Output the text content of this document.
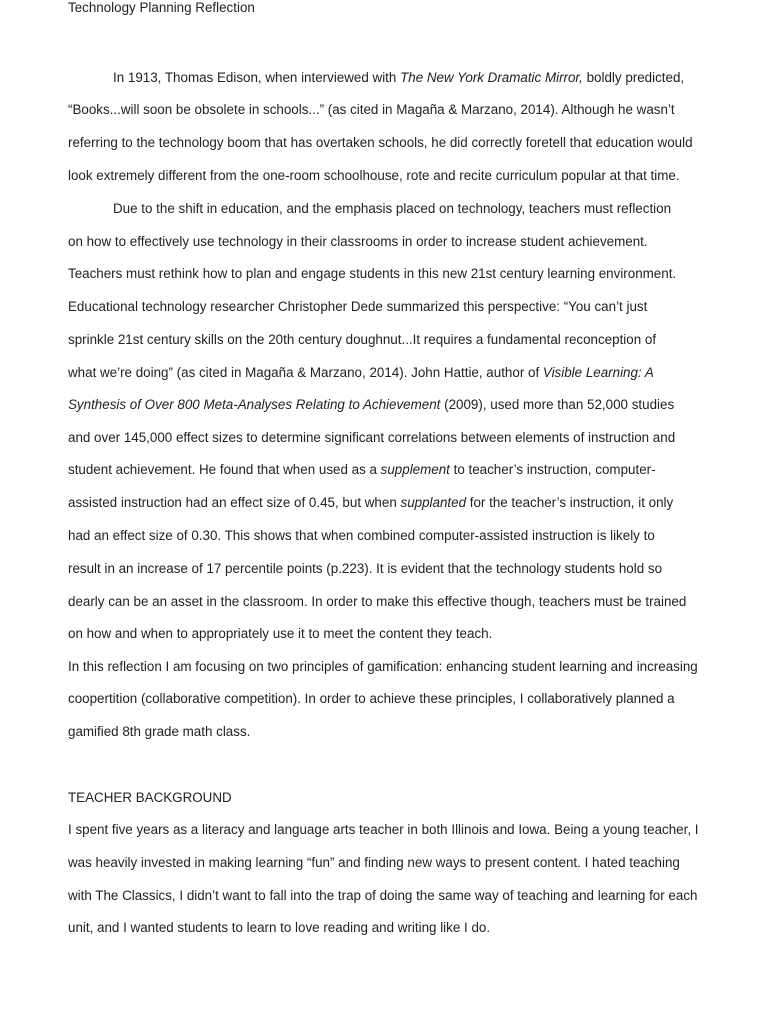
Technology Planning Reflection
In 1913, Thomas Edison, when interviewed with The New York Dramatic Mirror, boldly predicted,
“Books...will soon be obsolete in schools...” (as cited in Magaña & Marzano, 2014). Although he wasn’t
referring to the technology boom that has overtaken schools, he did correctly foretell that education would
look extremely different from the one-room schoolhouse, rote and recite curriculum popular at that time.
Due to the shift in education, and the emphasis placed on technology, teachers must reflection
on how to effectively use technology in their classrooms in order to increase student achievement.
Teachers must rethink how to plan and engage students in this new 21st century learning environment.
Educational technology researcher Christopher Dede summarized this perspective: “You can’t just
sprinkle 21st century skills on the 20th century doughnut...It requires a fundamental reconception of
what we’re doing” (as cited in Magaña & Marzano, 2014). John Hattie, author of Visible Learning: A
Synthesis of Over 800 Meta-Analyses Relating to Achievement (2009), used more than 52,000 studies
and over 145,000 effect sizes to determine significant correlations between elements of instruction and
student achievement. He found that when used as a supplement to teacher’s instruction, computer-
assisted instruction had an effect size of 0.45, but when supplanted for the teacher’s instruction, it only
had an effect size of 0.30. This shows that when combined computer-assisted instruction is likely to
result in an increase of 17 percentile points (p.223). It is evident that the technology students hold so
dearly can be an asset in the classroom. In order to make this effective though, teachers must be trained
on how and when to appropriately use it to meet the content they teach.
In this reflection I am focusing on two principles of gamification: enhancing student learning and increasing
coopertition (collaborative competition). In order to achieve these principles, I collaboratively planned a
gamified 8th grade math class.
TEACHER BACKGROUND
I spent five years as a literacy and language arts teacher in both Illinois and Iowa. Being a young teacher, I
was heavily invested in making learning “fun” and finding new ways to present content. I hated teaching
with The Classics, I didn’t want to fall into the trap of doing the same way of teaching and learning for each
unit, and I wanted students to learn to love reading and writing like I do.
